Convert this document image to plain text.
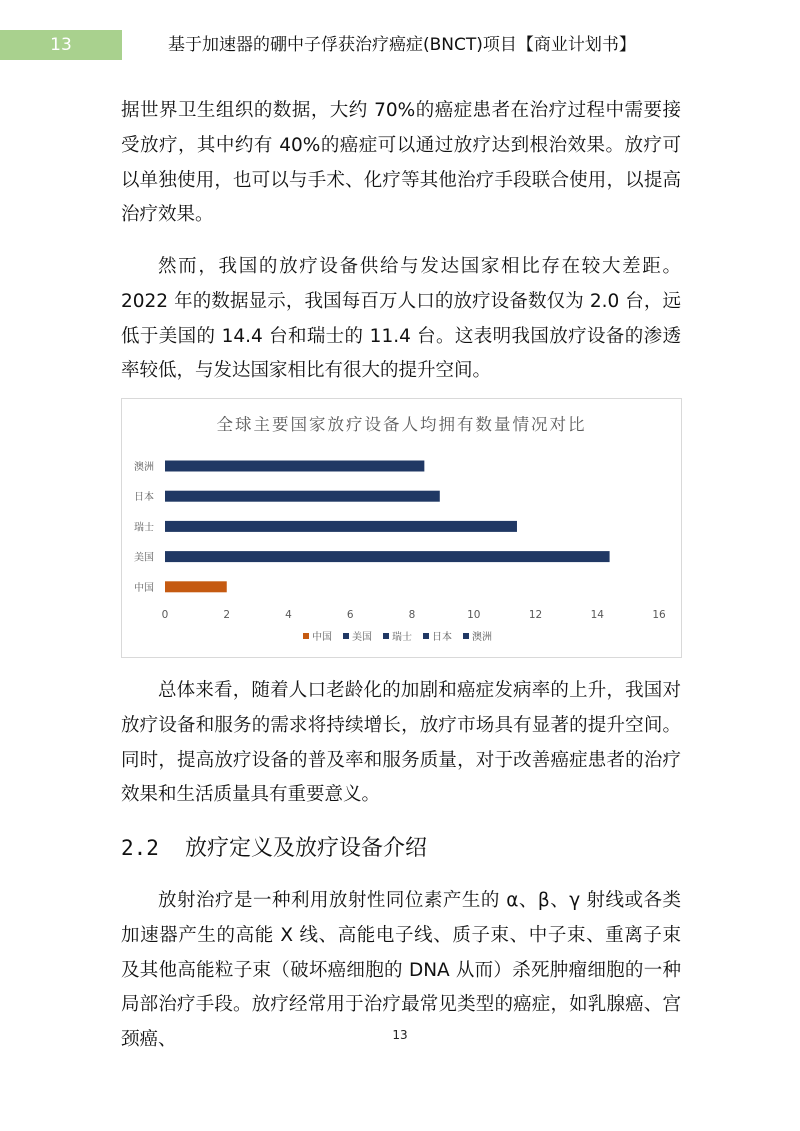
13	基于加速器的硼中子俘获治疗癌症(BNCT)项目【商业计划书】

据世界卫生组织的数据，大约 70%的癌症患者在治疗过程中需要接受放疗，其中约有 40%的癌症可以通过放疗达到根治效果。放疗可以单独使用，也可以与手术、化疗等其他治疗手段联合使用，以提高治疗效果。

然而，我国的放疗设备供给与发达国家相比存在较大差距。2022 年的数据显示，我国每百万人口的放疗设备数仅为 2.0 台，远低于美国的 14.4 台和瑞士的 11.4 台。这表明我国放疗设备的渗透率较低，与发达国家相比有很大的提升空间。

全球主要国家放疗设备人均拥有数量情况对比
澳洲
日本
瑞士
美国
中国
0	2	4	6	8	10	12	14	16
中国 美国 瑞士 日本 澳洲

总体来看，随着人口老龄化的加剧和癌症发病率的上升，我国对放疗设备和服务的需求将持续增长，放疗市场具有显著的提升空间。同时，提高放疗设备的普及率和服务质量，对于改善癌症患者的治疗效果和生活质量具有重要意义。

2.2 放疗定义及放疗设备介绍

放射治疗是一种利用放射性同位素产生的 α、β、γ 射线或各类加速器产生的高能 X 线、高能电子线、质子束、中子束、重离子束及其他高能粒子束（破坏癌细胞的 DNA 从而）杀死肿瘤细胞的一种局部治疗手段。放疗经常用于治疗最常见类型的癌症，如乳腺癌、宫颈癌、	13
